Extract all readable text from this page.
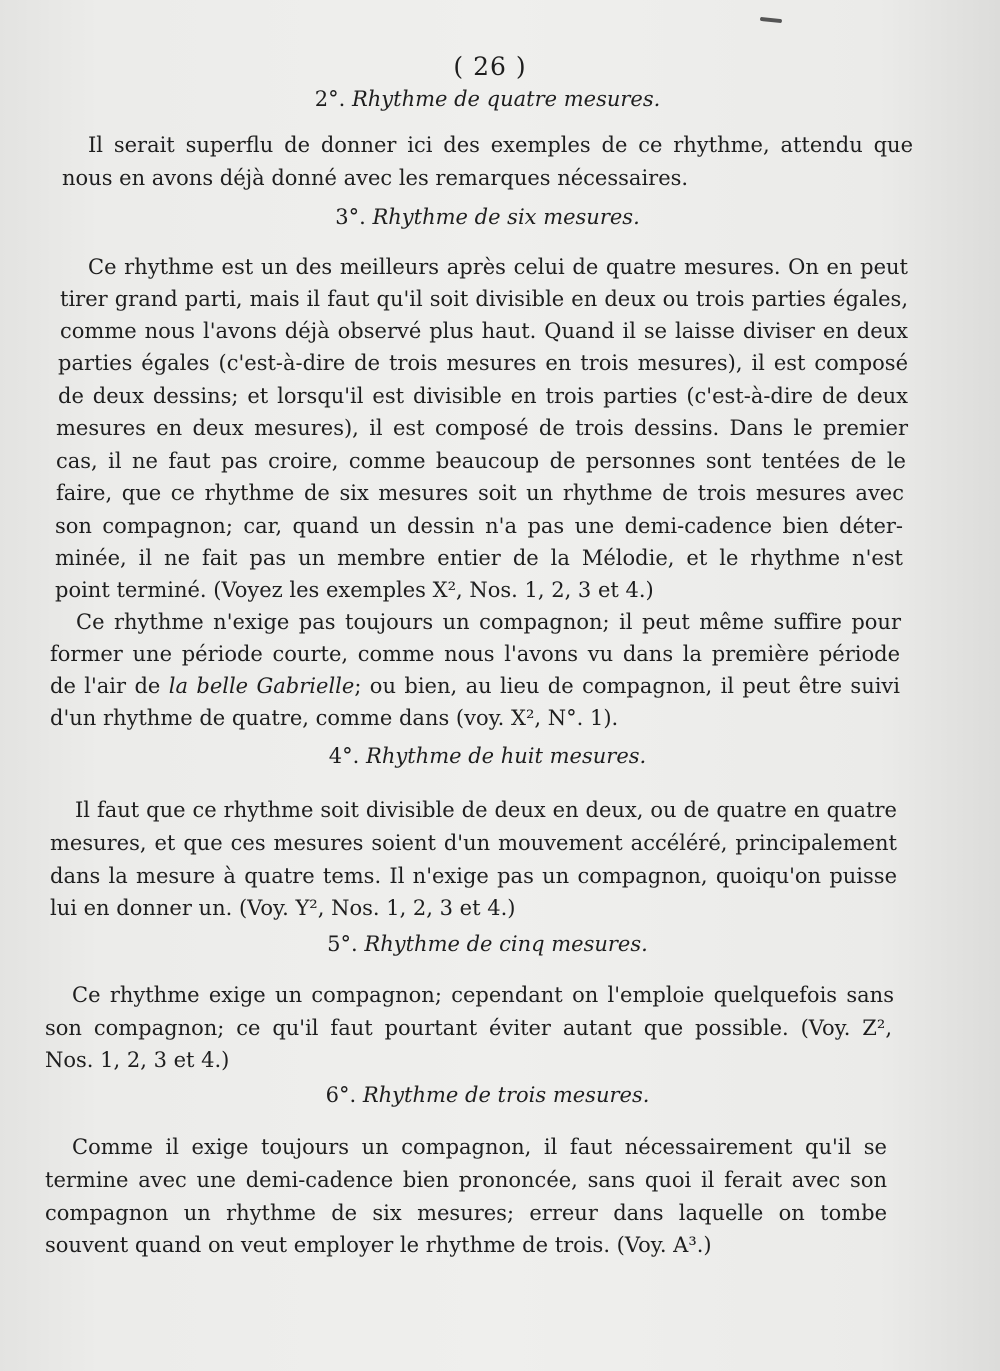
( 26 )
2°. Rhythme de quatre mesures.
Il serait superflu de donner ici des exemples de ce rhythme, attendu que
nous en avons déjà donné avec les remarques nécessaires.
3°. Rhythme de six mesures.
Ce rhythme est un des meilleurs après celui de quatre mesures. On en peut
tirer grand parti, mais il faut qu'il soit divisible en deux ou trois parties égales,
comme nous l'avons déjà observé plus haut. Quand il se laisse diviser en deux
parties égales (c'est-à-dire de trois mesures en trois mesures), il est composé
de deux dessins; et lorsqu'il est divisible en trois parties (c'est-à-dire de deux
mesures en deux mesures), il est composé de trois dessins. Dans le premier
cas, il ne faut pas croire, comme beaucoup de personnes sont tentées de le
faire, que ce rhythme de six mesures soit un rhythme de trois mesures avec
son compagnon; car, quand un dessin n'a pas une demi-cadence bien déter-
minée, il ne fait pas un membre entier de la Mélodie, et le rhythme n'est
point terminé. (Voyez les exemples X², Nos. 1, 2, 3 et 4.)
Ce rhythme n'exige pas toujours un compagnon; il peut même suffire pour
former une période courte, comme nous l'avons vu dans la première période
de l'air de la belle Gabrielle; ou bien, au lieu de compagnon, il peut être suivi
d'un rhythme de quatre, comme dans (voy. X², N°. 1).
4°. Rhythme de huit mesures.
Il faut que ce rhythme soit divisible de deux en deux, ou de quatre en quatre
mesures, et que ces mesures soient d'un mouvement accéléré, principalement
dans la mesure à quatre tems. Il n'exige pas un compagnon, quoiqu'on puisse
lui en donner un. (Voy. Y², Nos. 1, 2, 3 et 4.)
5°. Rhythme de cinq mesures.
Ce rhythme exige un compagnon; cependant on l'emploie quelquefois sans
son compagnon; ce qu'il faut pourtant éviter autant que possible. (Voy. Z²,
Nos. 1, 2, 3 et 4.)
6°. Rhythme de trois mesures.
Comme il exige toujours un compagnon, il faut nécessairement qu'il se
termine avec une demi-cadence bien prononcée, sans quoi il ferait avec son
compagnon un rhythme de six mesures; erreur dans laquelle on tombe
souvent quand on veut employer le rhythme de trois. (Voy. A³.)
